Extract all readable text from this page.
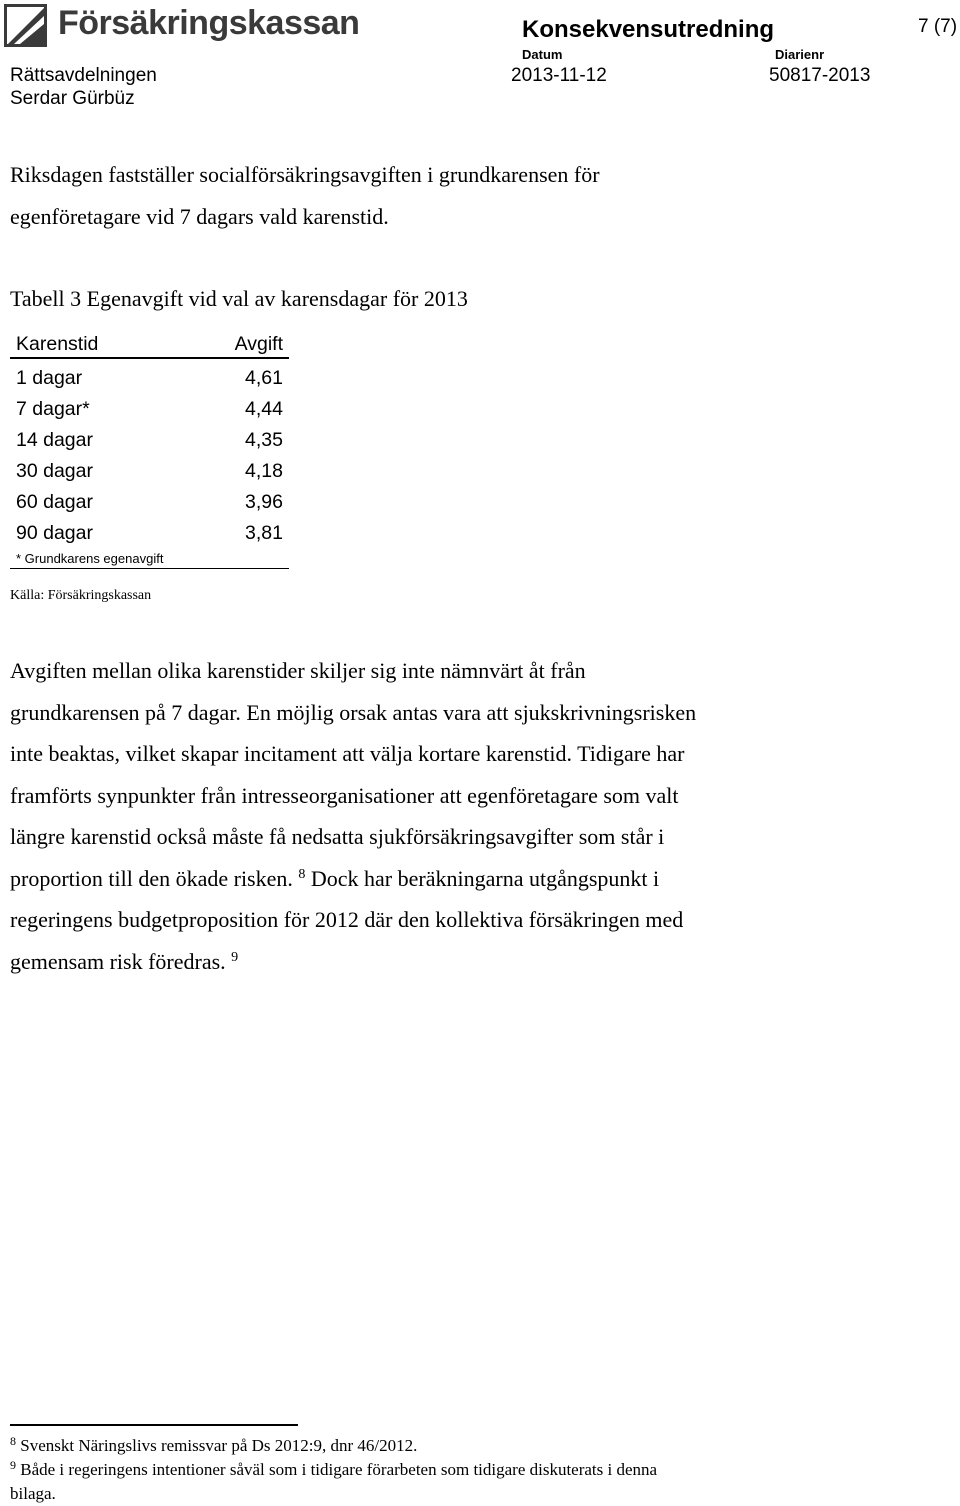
Försäkringskassan	Konsekvensutredning	7 (7)
Datum
2013-11-12
Diarienr
50817-2013
Rättsavdelningen
Serdar Gürbüz

Riksdagen fastställer socialförsäkringsavgiften i grundkarensen för

egenföretagare vid 7 dagars vald karenstid.

Tabell 3 Egenavgift vid val av karensdagar för 2013
Karenstid	Avgift
1 dagar	4,61
7 dagar*	4,44
14 dagar	4,35
30 dagar	4,18
60 dagar	3,96
90 dagar	3,81
* Grundkarens egenavgift
Källa: Försäkringskassan

Avgiften mellan olika karenstider skiljer sig inte nämnvärt åt från

grundkarensen på 7 dagar. En möjlig orsak antas vara att sjukskrivningsrisken

inte beaktas, vilket skapar incitament att välja kortare karenstid. Tidigare har

framförts synpunkter från intresseorganisationer att egenföretagare som valt

längre karenstid också måste få nedsatta sjukförsäkringsavgifter som står i

proportion till den ökade risken. $^8$ Dock har beräkningarna utgångspunkt i

regeringens budgetproposition för 2012 där den kollektiva försäkringen med

gemensam risk föredras. $^9$

$^8$ Svenskt Näringslivs remissvar på Ds 2012:9, dnr 46/2012.

$^9$ Både i regeringens intentioner såväl som i tidigare förarbeten som tidigare diskuterats i denna

bilaga.
